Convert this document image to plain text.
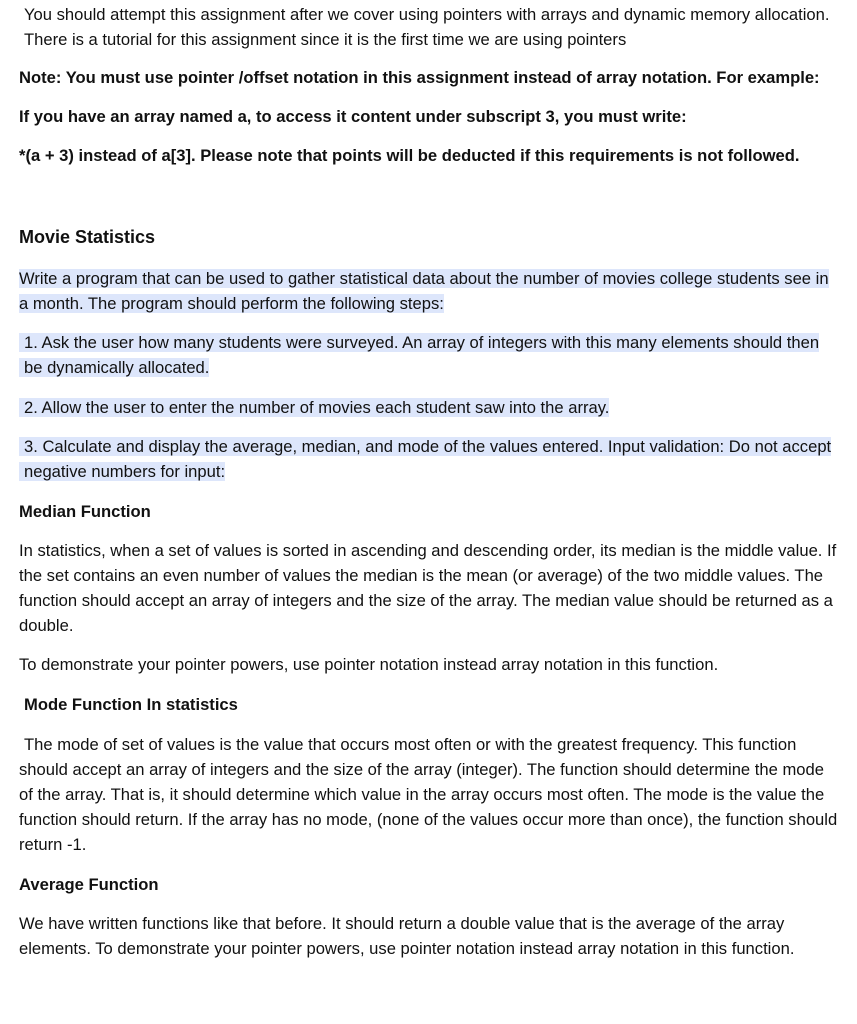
You should attempt this assignment after we cover using pointers with arrays and dynamic memory allocation. There is a tutorial for this assignment since it is the first time we are using pointers

Note: You must use pointer /offset notation in this assignment instead of array notation. For example:

If you have an array named a, to access it content under subscript 3, you must write:

*(a + 3) instead of a[3]. Please note that points will be deducted if this requirements is not followed.

Movie Statistics

Write a program that can be used to gather statistical data about the number of movies college students see in a month. The program should perform the following steps:

1. Ask the user how many students were surveyed. An array of integers with this many elements should then be dynamically allocated.

2. Allow the user to enter the number of movies each student saw into the array.

3. Calculate and display the average, median, and mode of the values entered. Input validation: Do not accept negative numbers for input:

Median Function

In statistics, when a set of values is sorted in ascending and descending order, its median is the middle value. If the set contains an even number of values the median is the mean (or average) of the two middle values. The function should accept an array of integers and the size of the array. The median value should be returned as a double.

To demonstrate your pointer powers, use pointer notation instead array notation in this function.

Mode Function In statistics

The mode of set of values is the value that occurs most often or with the greatest frequency. This function should accept an array of integers and the size of the array (integer). The function should determine the mode of the array. That is, it should determine which value in the array occurs most often. The mode is the value the function should return. If the array has no mode, (none of the values occur more than once), the function should return -1.

Average Function

We have written functions like that before. It should return a double value that is the average of the array elements. To demonstrate your pointer powers, use pointer notation instead array notation in this function.
